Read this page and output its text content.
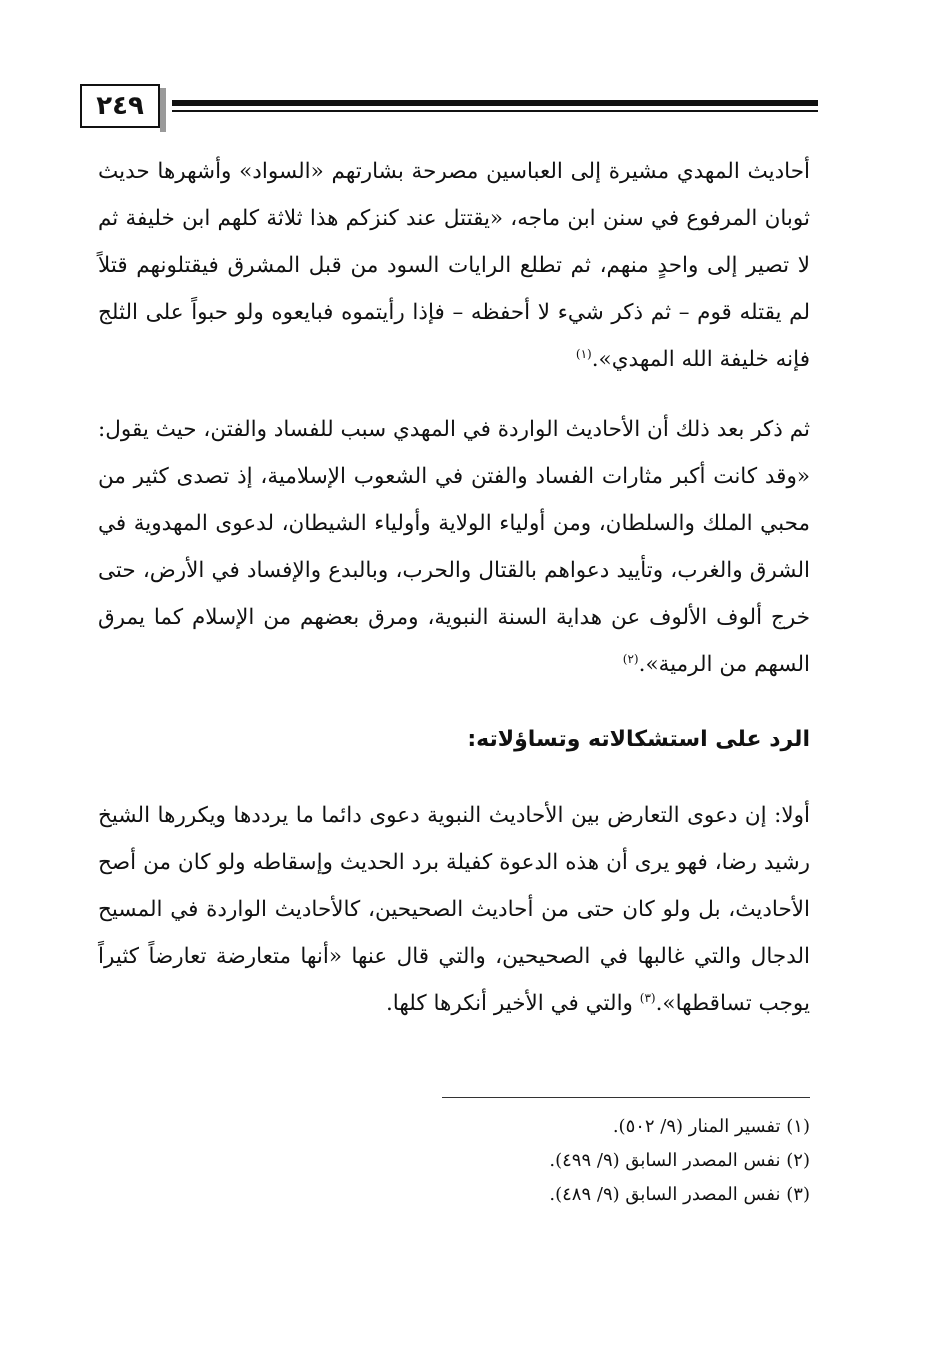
٢٤٩

أحاديث المهدي مشيرة إلى العباسين مصرحة بشارتهم «السواد» وأشهرها حديث ثوبان المرفوع في سنن ابن ماجه، «يقتتل عند كنزكم هذا ثلاثة كلهم ابن خليفة ثم لا تصير إلى واحدٍ منهم، ثم تطلع الرايات السود من قبل المشرق فيقتلونهم قتلاً لم يقتله قوم – ثم ذكر شيء لا أحفظه – فإذا رأيتموه فبايعوه ولو حبواً على الثلج فإنه خليفة الله المهدي».$^{(١)}$

ثم ذكر بعد ذلك أن الأحاديث الواردة في المهدي سبب للفساد والفتن، حيث يقول: «وقد كانت أكبر مثارات الفساد والفتن في الشعوب الإسلامية، إذ تصدى كثير من محبي الملك والسلطان، ومن أولياء الولاية وأولياء الشيطان، لدعوى المهدوية في الشرق والغرب، وتأييد دعواهم بالقتال والحرب، وبالبدع والإفساد في الأرض، حتى خرج ألوف الألوف عن هداية السنة النبوية، ومرق بعضهم من الإسلام كما يمرق السهم من الرمية».$^{(٢)}$

الرد على استشكالاته وتساؤلاته:

أولا: إن دعوى التعارض بين الأحاديث النبوية دعوى دائما ما يرددها ويكررها الشيخ رشيد رضا، فهو يرى أن هذه الدعوة كفيلة برد الحديث وإسقاطه ولو كان من أصح الأحاديث، بل ولو كان حتى من أحاديث الصحيحين، كالأحاديث الواردة في المسيح الدجال والتي غالبها في الصحيحين، والتي قال عنها «أنها متعارضة تعارضاً كثيراً يوجب تساقطها».$^{(٣)}$ والتي في الأخير أنكرها كلها.

(١) تفسير المنار (٩/ ٥٠٢).

(٢) نفس المصدر السابق (٩/ ٤٩٩).

(٣) نفس المصدر السابق (٩/ ٤٨٩).
